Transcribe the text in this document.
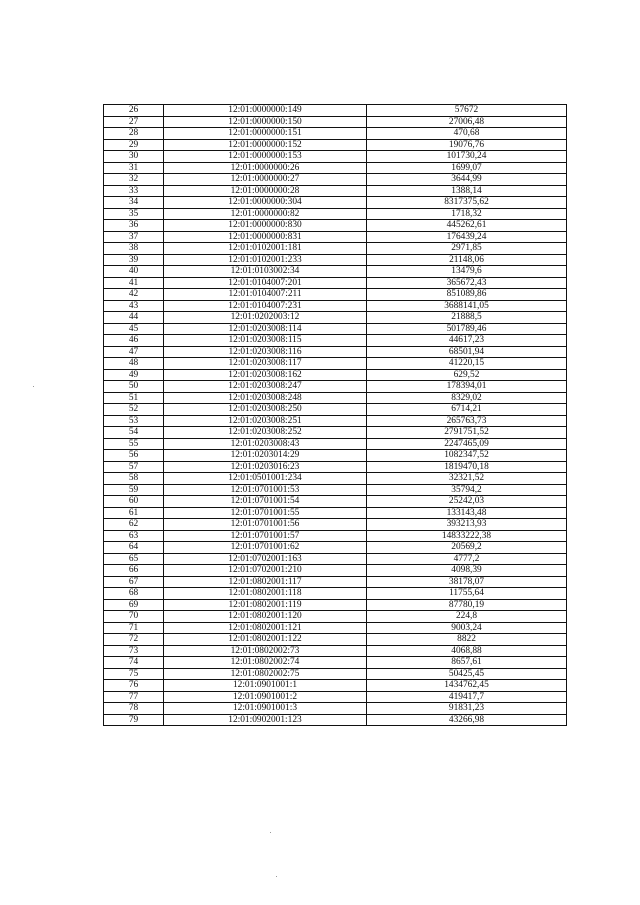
26	12:01:0000000:149	57672
27	12:01:0000000:150	27006,48
28	12:01:0000000:151	470,68
29	12:01:0000000:152	19076,76
30	12:01:0000000:153	101730,24
31	12:01:0000000:26	1699,07
32	12:01:0000000:27	3644,99
33	12:01:0000000:28	1388,14
34	12:01:0000000:304	8317375,62
35	12:01:0000000:82	1718,32
36	12:01:0000000:830	445262,61
37	12:01:0000000:831	176439,24
38	12:01:0102001:181	2971,85
39	12:01:0102001:233	21148,06
40	12:01:0103002:34	13479,6
41	12:01:0104007:201	365672,43
42	12:01:0104007:211	851089,86
43	12:01:0104007:231	3688141,05
44	12:01:0202003:12	21888,5
45	12:01:0203008:114	501789,46
46	12:01:0203008:115	44617,23
47	12:01:0203008:116	68501,94
48	12:01:0203008:117	41220,15
49	12:01:0203008:162	629,52
50	12:01:0203008:247	178394,01
51	12:01:0203008:248	8329,02
52	12:01:0203008:250	6714,21
53	12:01:0203008:251	265763,73
54	12:01:0203008:252	2791751,52
55	12:01:0203008:43	2247465,09
56	12:01:0203014:29	1082347,52
57	12:01:0203016:23	1819470,18
58	12:01:0501001:234	32321,52
59	12:01:0701001:53	35794,2
60	12:01:0701001:54	25242,03
61	12:01:0701001:55	133143,48
62	12:01:0701001:56	393213,93
63	12:01:0701001:57	14833222,38
64	12:01:0701001:62	20569,2
65	12:01:0702001:163	4777,2
66	12:01:0702001:210	4098,39
67	12:01:0802001:117	38178,07
68	12:01:0802001:118	11755,64
69	12:01:0802001:119	87780,19
70	12:01:0802001:120	224,8
71	12:01:0802001:121	9003,24
72	12:01:0802001:122	8822
73	12:01:0802002:73	4068,88
74	12:01:0802002:74	8657,61
75	12:01:0802002:75	50425,45
76	12:01:0901001:1	1434762,45
77	12:01:0901001:2	419417,7
78	12:01:0901001:3	91831,23
79	12:01:0902001:123	43266,98
